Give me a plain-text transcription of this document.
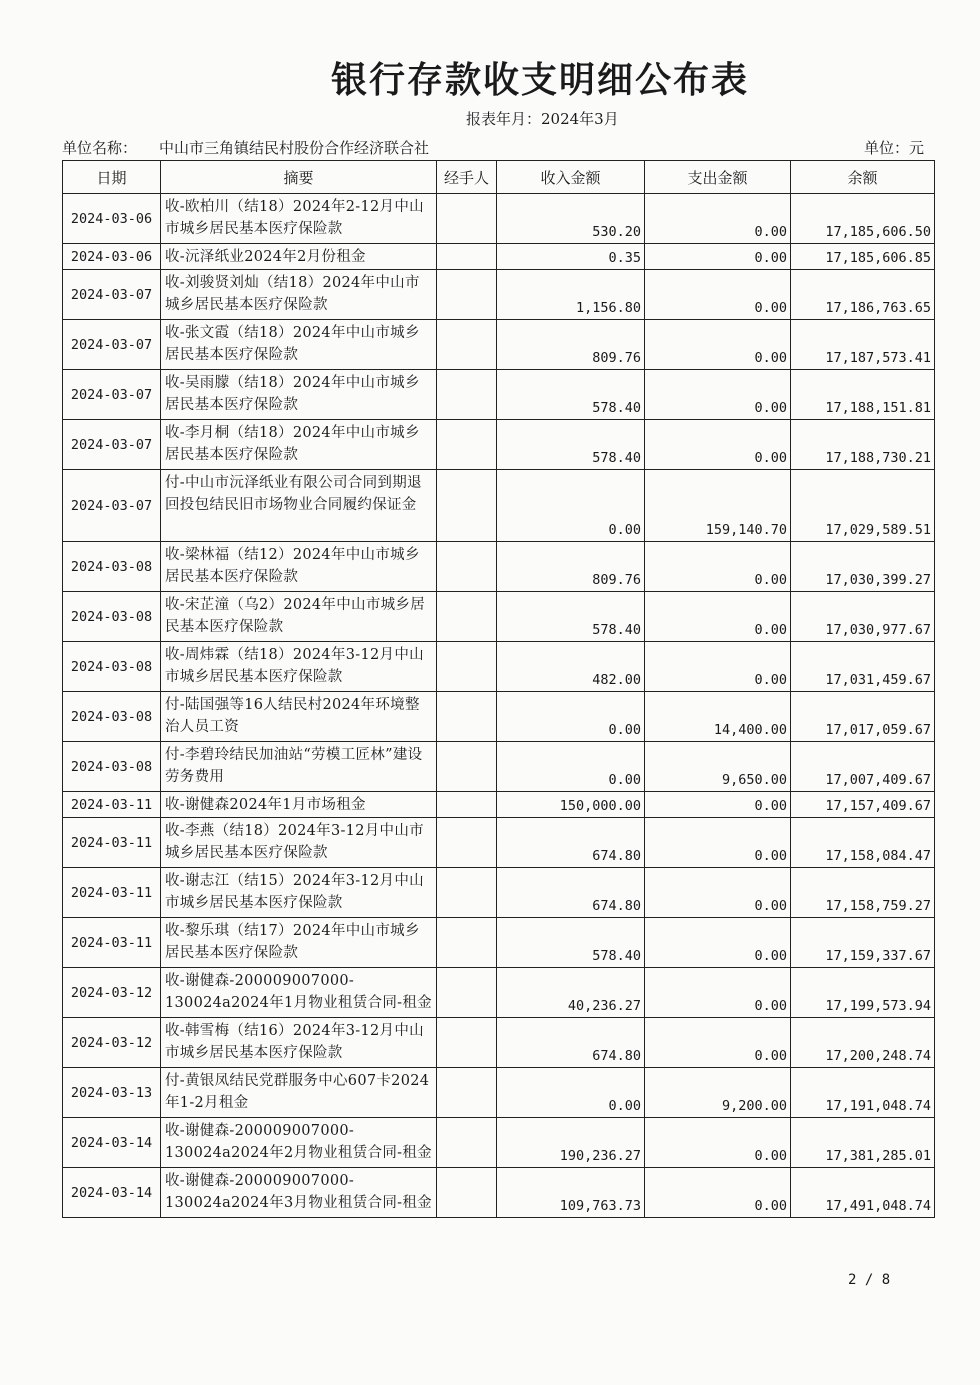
银行存款收支明细公布表
报表年月：2024年3月
单位名称： 中山市三角镇结民村股份合作经济联合社	单位：元
日期	摘要	经手人	收入金额	支出金额	余额
2024-03-06	收-欧柏川（结18）2024年2-12月中山市城乡居民基本医疗保险款		530.20	0.00	17,185,606.50
2024-03-06	收-沅泽纸业2024年2月份租金		0.35	0.00	17,185,606.85
2024-03-07	收-刘骏贤刘灿（结18）2024年中山市城乡居民基本医疗保险款		1,156.80	0.00	17,186,763.65
2024-03-07	收-张文霞（结18）2024年中山市城乡居民基本医疗保险款		809.76	0.00	17,187,573.41
2024-03-07	收-吴雨朦（结18）2024年中山市城乡居民基本医疗保险款		578.40	0.00	17,188,151.81
2024-03-07	收-李月桐（结18）2024年中山市城乡居民基本医疗保险款		578.40	0.00	17,188,730.21
2024-03-07	付-中山市沅泽纸业有限公司合同到期退回投包结民旧市场物业合同履约保证金		0.00	159,140.70	17,029,589.51
2024-03-08	收-梁林福（结12）2024年中山市城乡居民基本医疗保险款		809.76	0.00	17,030,399.27
2024-03-08	收-宋芷潼（乌2）2024年中山市城乡居民基本医疗保险款		578.40	0.00	17,030,977.67
2024-03-08	收-周炜霖（结18）2024年3-12月中山市城乡居民基本医疗保险款		482.00	0.00	17,031,459.67
2024-03-08	付-陆国强等16人结民村2024年环境整治人员工资		0.00	14,400.00	17,017,059.67
2024-03-08	付-李碧玲结民加油站“劳模工匠林”建设劳务费用		0.00	9,650.00	17,007,409.67
2024-03-11	收-谢健森2024年1月市场租金		150,000.00	0.00	17,157,409.67
2024-03-11	收-李燕（结18）2024年3-12月中山市城乡居民基本医疗保险款		674.80	0.00	17,158,084.47
2024-03-11	收-谢志江（结15）2024年3-12月中山市城乡居民基本医疗保险款		674.80	0.00	17,158,759.27
2024-03-11	收-黎乐琪（结17）2024年中山市城乡居民基本医疗保险款		578.40	0.00	17,159,337.67
2024-03-12	收-谢健森-200009007000-130024a2024年1月物业租赁合同-租金		40,236.27	0.00	17,199,573.94
2024-03-12	收-韩雪梅（结16）2024年3-12月中山市城乡居民基本医疗保险款		674.80	0.00	17,200,248.74
2024-03-13	付-黄银凤结民党群服务中心607卡2024年1-2月租金		0.00	9,200.00	17,191,048.74
2024-03-14	收-谢健森-200009007000-130024a2024年2月物业租赁合同-租金		190,236.27	0.00	17,381,285.01
2024-03-14	收-谢健森-200009007000-130024a2024年3月物业租赁合同-租金		109,763.73	0.00	17,491,048.74
2 / 8
